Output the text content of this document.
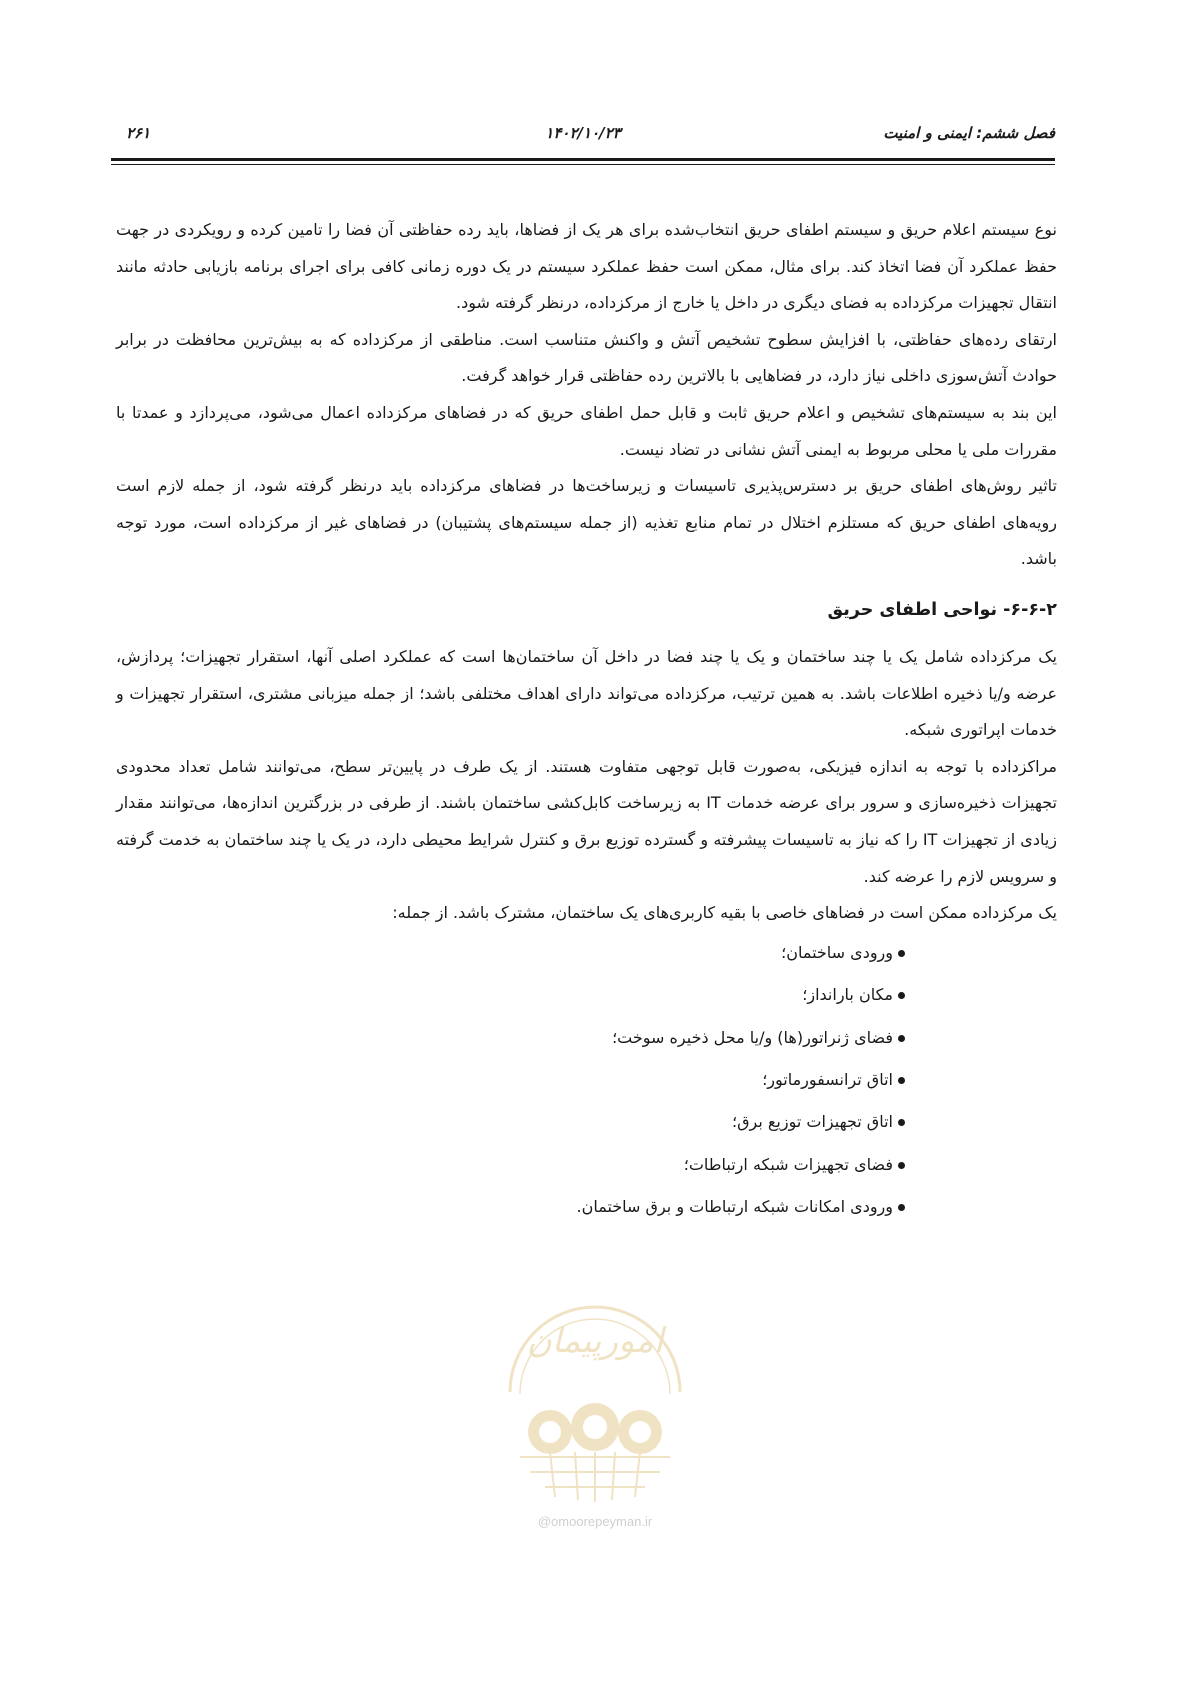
فصل ششم: ایمنی و امنیت
۱۴۰۲/۱۰/۲۳
۲۶۱

نوع سیستم اعلام حریق و سیستم اطفای حریق انتخاب‌شده برای هر یک از فضاها، باید رده حفاظتی آن فضا را تامین کرده و رویکردی در جهت حفظ عملکرد آن فضا اتخاذ کند. برای مثال، ممکن است حفظ عملکرد سیستم در یک دوره زمانی کافی برای اجرای برنامه بازیابی حادثه مانند انتقال تجهیزات مرکزداده به فضای دیگری در داخل یا خارج از مرکزداده، درنظر گرفته شود.

ارتقای رده‌های حفاظتی، با افزایش سطوح تشخیص آتش و واکنش متناسب است. مناطقی از مرکزداده که به بیش‌ترین محافظت در برابر حوادث آتش‌سوزی داخلی نیاز دارد، در فضاهایی با بالاترین رده حفاظتی قرار خواهد گرفت.

این بند به سیستم‌های تشخیص و اعلام حریق ثابت و قابل حمل اطفای حریق که در فضاهای مرکزداده اعمال می‌شود، می‌پردازد و عمدتا با مقررات ملی یا محلی مربوط به ایمنی آتش نشانی در تضاد نیست.

تاثیر روش‌های اطفای حریق بر دسترس‌پذیری تاسیسات و زیرساخت‌ها در فضاهای مرکزداده باید درنظر گرفته شود، از جمله لازم است رویه‌های اطفای حریق که مستلزم اختلال در تمام منابع تغذیه (از جمله سیستم‌های پشتیبان) در فضاهای غیر از مرکزداده است، مورد توجه باشد.

۶-۶-۲- نواحی اطفای حریق

یک مرکزداده شامل یک یا چند ساختمان و یک یا چند فضا در داخل آن ساختمان‌ها است که عملکرد اصلی آنها، استقرار تجهیزات؛ پردازش، عرضه و/یا ذخیره اطلاعات باشد. به همین ترتیب، مرکزداده می‌تواند دارای اهداف مختلفی باشد؛ از جمله میزبانی مشتری، استقرار تجهیزات و خدمات اپراتوری شبکه.

مراکزداده با توجه به اندازه فیزیکی، به‌صورت قابل توجهی متفاوت هستند. از یک طرف در پایین‌تر سطح، می‌توانند شامل تعداد محدودی تجهیزات ذخیره‌سازی و سرور برای عرضه خدمات IT به زیرساخت کابل‌کشی ساختمان باشند. از طرفی در بزرگترین اندازه‌ها، می‌توانند مقدار زیادی از تجهیزات IT را که نیاز به تاسیسات پیشرفته و گسترده توزیع برق و کنترل شرایط محیطی دارد، در یک یا چند ساختمان به خدمت گرفته و سرویس لازم را عرضه کند.

یک مرکزداده ممکن است در فضاهای خاصی با بقیه کاربری‌های یک ساختمان، مشترک باشد. از جمله:

ورودی ساختمان؛
مکان بارانداز؛
فضای ژنراتور(ها) و/یا محل ذخیره سوخت؛
اتاق ترانسفورماتور؛
اتاق تجهیزات توزیع برق؛
فضای تجهیزات شبکه ارتباطات؛
ورودی امکانات شبکه ارتباطات و برق ساختمان.
امورپیمان
@omoorepeyman.ir
